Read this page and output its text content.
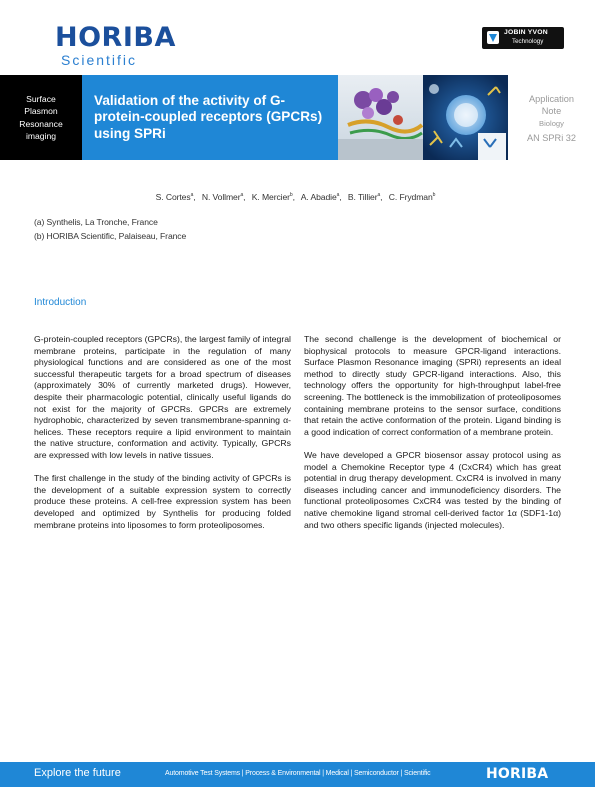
HORIBA
Scientific
JOBIN YVON
Technology
Surface
Plasmon
Resonance
imaging
Validation of the activity of G-protein-coupled receptors (GPCRs) using SPRi
Application
Note
Biology
AN SPRi 32
S. Cortes$^a$, N. Vollmer$^a$, K. Mercier$^b$, A. Abadie$^a$, B. Tillier$^a$, C. Frydman$^b$
(a) Synthelis, La Tronche, France
(b) HORIBA Scientific, Palaiseau, France
Introduction

G-protein-coupled receptors (GPCRs), the largest family of integral membrane proteins, participate in the regulation of many physiological functions and are considered as one of the most successful therapeutic targets for a broad spectrum of diseases (approximately 30% of currently marketed drugs). However, despite their pharmacologic potential, clinically useful ligands do not exist for the majority of GPCRs. GPCRs are extremely hydrophobic, characterized by seven transmembrane-spanning α-helices. These receptors require a lipid environment to maintain the native structure, conformation and activity. Typically, GPCRs are expressed with low levels in native tissues.

The first challenge in the study of the binding activity of GPCRs is the development of a suitable expression system to correctly produce these proteins. A cell-free expression system has been developed and optimized by Synthelis for producing folded membrane proteins into liposomes to form proteoliposomes.

The second challenge is the development of biochemical or biophysical protocols to measure GPCR-ligand interactions. Surface Plasmon Resonance imaging (SPRi) represents an ideal method to directly study GPCR-ligand interactions. Also, this technology offers the opportunity for high-throughput label-free screening. The bottleneck is the immobilization of proteoliposomes containing membrane proteins to the sensor surface, conditions that retain the active conformation of the protein. Ligand binding is a good indication of correct conformation of a membrane protein.

We have developed a GPCR biosensor assay protocol using as model a Chemokine Receptor type 4 (CxCR4) which has great potential in drug therapy development. CxCR4 is involved in many diseases including cancer and immunodeficiency disorders. The functional proteoliposomes CxCR4 was tested by the binding of native chemokine ligand stromal cell-derived factor 1α (SDF1-1α) and two others specific ligands (injected molecules).

Explore the future	Automotive Test Systems | Process & Environmental | Medical | Semiconductor | Scientific	HORIBA
